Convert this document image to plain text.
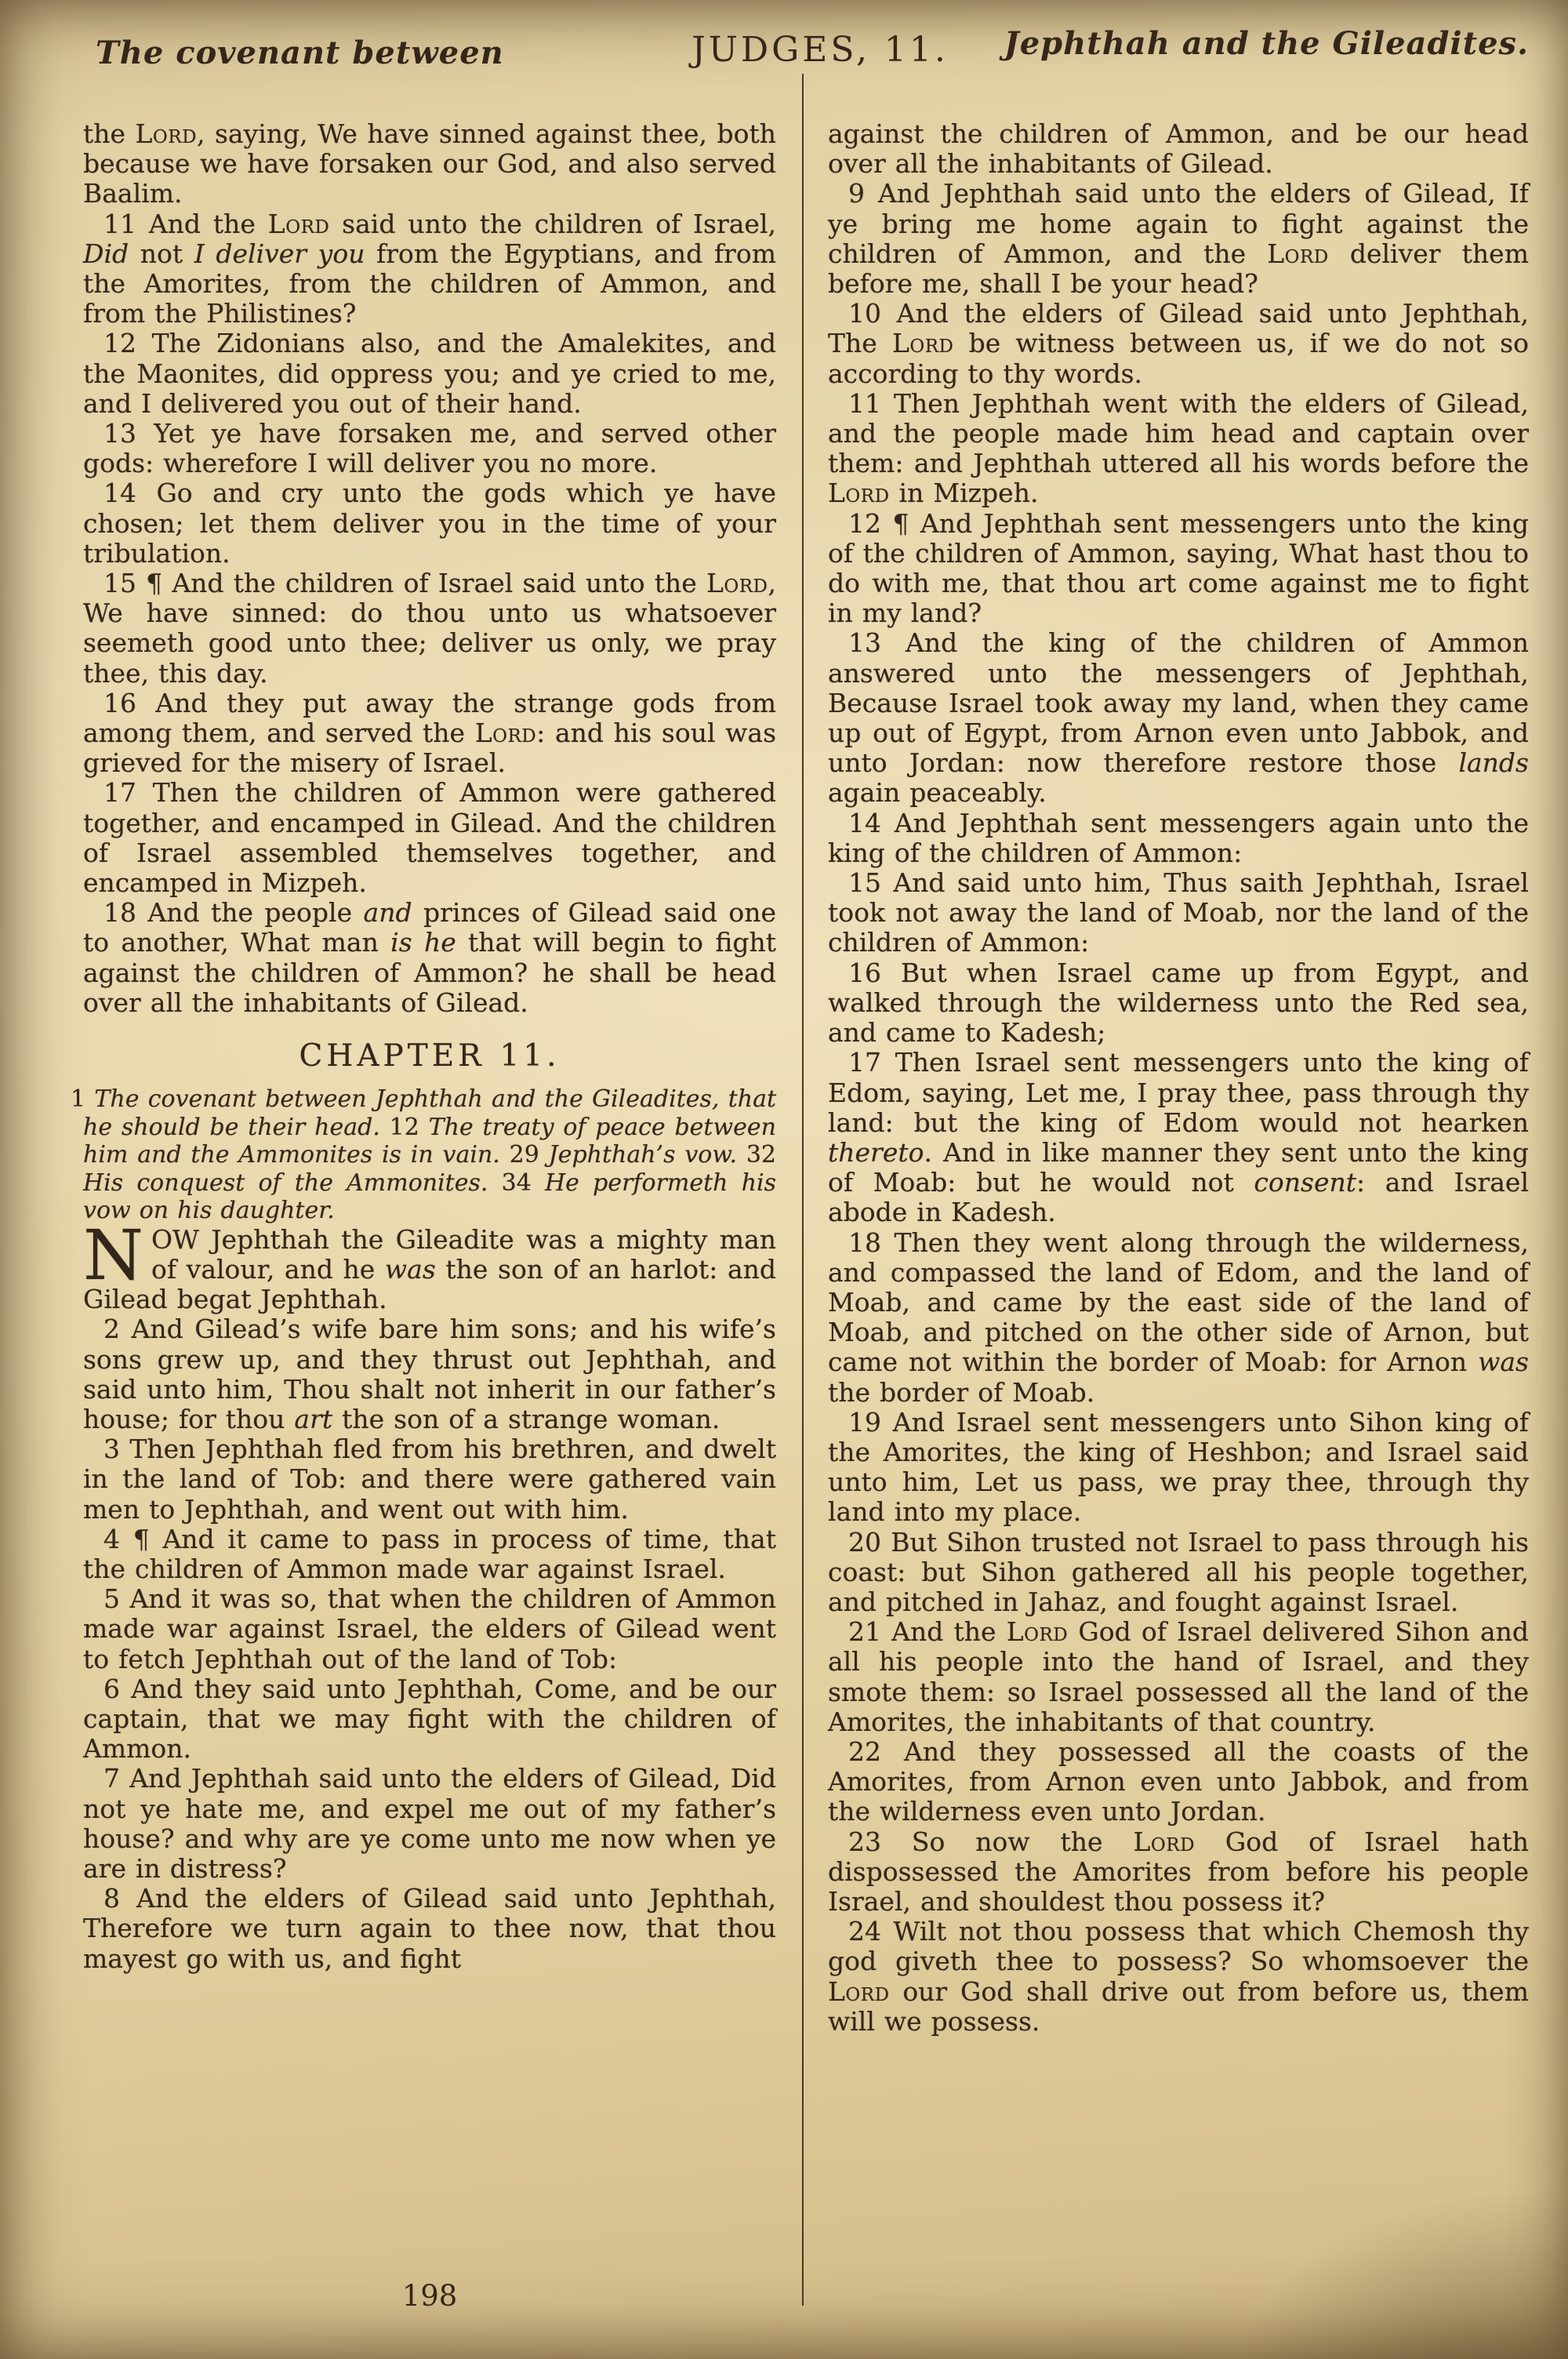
The covenant between	JUDGES, 11. Jephthah and the Gileadites.

the Lord, saying, We have sinned against thee, both because we have forsaken our God, and also served Baalim.

11 And the Lord said unto the children of Israel, Did not I deliver you from the Egyptians, and from the Amorites, from the children of Ammon, and from the Philistines?

12 The Zidonians also, and the Amalekites, and the Maonites, did oppress you; and ye cried to me, and I delivered you out of their hand.

13 Yet ye have forsaken me, and served other gods: wherefore I will deliver you no more.

14 Go and cry unto the gods which ye have chosen; let them deliver you in the time of your tribulation.

15 ¶ And the children of Israel said unto the Lord, We have sinned: do thou unto us whatsoever seemeth good unto thee; deliver us only, we pray thee, this day.

16 And they put away the strange gods from among them, and served the Lord: and his soul was grieved for the misery of Israel.

17 Then the children of Ammon were gathered together, and encamped in Gilead. And the children of Israel assembled themselves together, and encamped in Mizpeh.

18 And the people and princes of Gilead said one to another, What man is he that will begin to fight against the children of Ammon? he shall be head over all the inhabitants of Gilead.

CHAPTER 11.

1 The covenant between Jephthah and the Gileadites, that he should be their head. 12 The treaty of peace between him and the Ammonites is in vain. 29 Jephthah’s vow. 32 His conquest of the Ammonites. 34 He performeth his vow on his daughter.

NOW Jephthah the Gileadite was a mighty man of valour, and he was the son of an harlot: and Gilead begat Jephthah.

2 And Gilead’s wife bare him sons; and his wife’s sons grew up, and they thrust out Jephthah, and said unto him, Thou shalt not inherit in our father’s house; for thou art the son of a strange woman.

3 Then Jephthah fled from his brethren, and dwelt in the land of Tob: and there were gathered vain men to Jephthah, and went out with him.

4 ¶ And it came to pass in process of time, that the children of Ammon made war against Israel.

5 And it was so, that when the children of Ammon made war against Israel, the elders of Gilead went to fetch Jephthah out of the land of Tob:

6 And they said unto Jephthah, Come, and be our captain, that we may fight with the children of Ammon.

7 And Jephthah said unto the elders of Gilead, Did not ye hate me, and expel me out of my father’s house? and why are ye come unto me now when ye are in distress?

8 And the elders of Gilead said unto Jephthah, Therefore we turn again to thee now, that thou mayest go with us, and fight

against the children of Ammon, and be our head over all the inhabitants of Gilead.

9 And Jephthah said unto the elders of Gilead, If ye bring me home again to fight against the children of Ammon, and the Lord deliver them before me, shall I be your head?

10 And the elders of Gilead said unto Jephthah, The Lord be witness between us, if we do not so according to thy words.

11 Then Jephthah went with the elders of Gilead, and the people made him head and captain over them: and Jephthah uttered all his words before the Lord in Mizpeh.

12 ¶ And Jephthah sent messengers unto the king of the children of Ammon, saying, What hast thou to do with me, that thou art come against me to fight in my land?

13 And the king of the children of Ammon answered unto the messengers of Jephthah, Because Israel took away my land, when they came up out of Egypt, from Arnon even unto Jabbok, and unto Jordan: now therefore restore those lands again peaceably.

14 And Jephthah sent messengers again unto the king of the children of Ammon:

15 And said unto him, Thus saith Jephthah, Israel took not away the land of Moab, nor the land of the children of Ammon:

16 But when Israel came up from Egypt, and walked through the wilderness unto the Red sea, and came to Kadesh;

17 Then Israel sent messengers unto the king of Edom, saying, Let me, I pray thee, pass through thy land: but the king of Edom would not hearken thereto. And in like manner they sent unto the king of Moab: but he would not consent: and Israel abode in Kadesh.

18 Then they went along through the wilderness, and compassed the land of Edom, and the land of Moab, and came by the east side of the land of Moab, and pitched on the other side of Arnon, but came not within the border of Moab: for Arnon was the border of Moab.

19 And Israel sent messengers unto Sihon king of the Amorites, the king of Heshbon; and Israel said unto him, Let us pass, we pray thee, through thy land into my place.

20 But Sihon trusted not Israel to pass through his coast: but Sihon gathered all his people together, and pitched in Jahaz, and fought against Israel.

21 And the Lord God of Israel delivered Sihon and all his people into the hand of Israel, and they smote them: so Israel possessed all the land of the Amorites, the inhabitants of that country.

22 And they possessed all the coasts of the Amorites, from Arnon even unto Jabbok, and from the wilderness even unto Jordan.

23 So now the Lord God of Israel hath dispossessed the Amorites from before his people Israel, and shouldest thou possess it?

24 Wilt not thou possess that which Chemosh thy god giveth thee to possess? So whomsoever the Lord our God shall drive out from before us, them will we possess.

198
